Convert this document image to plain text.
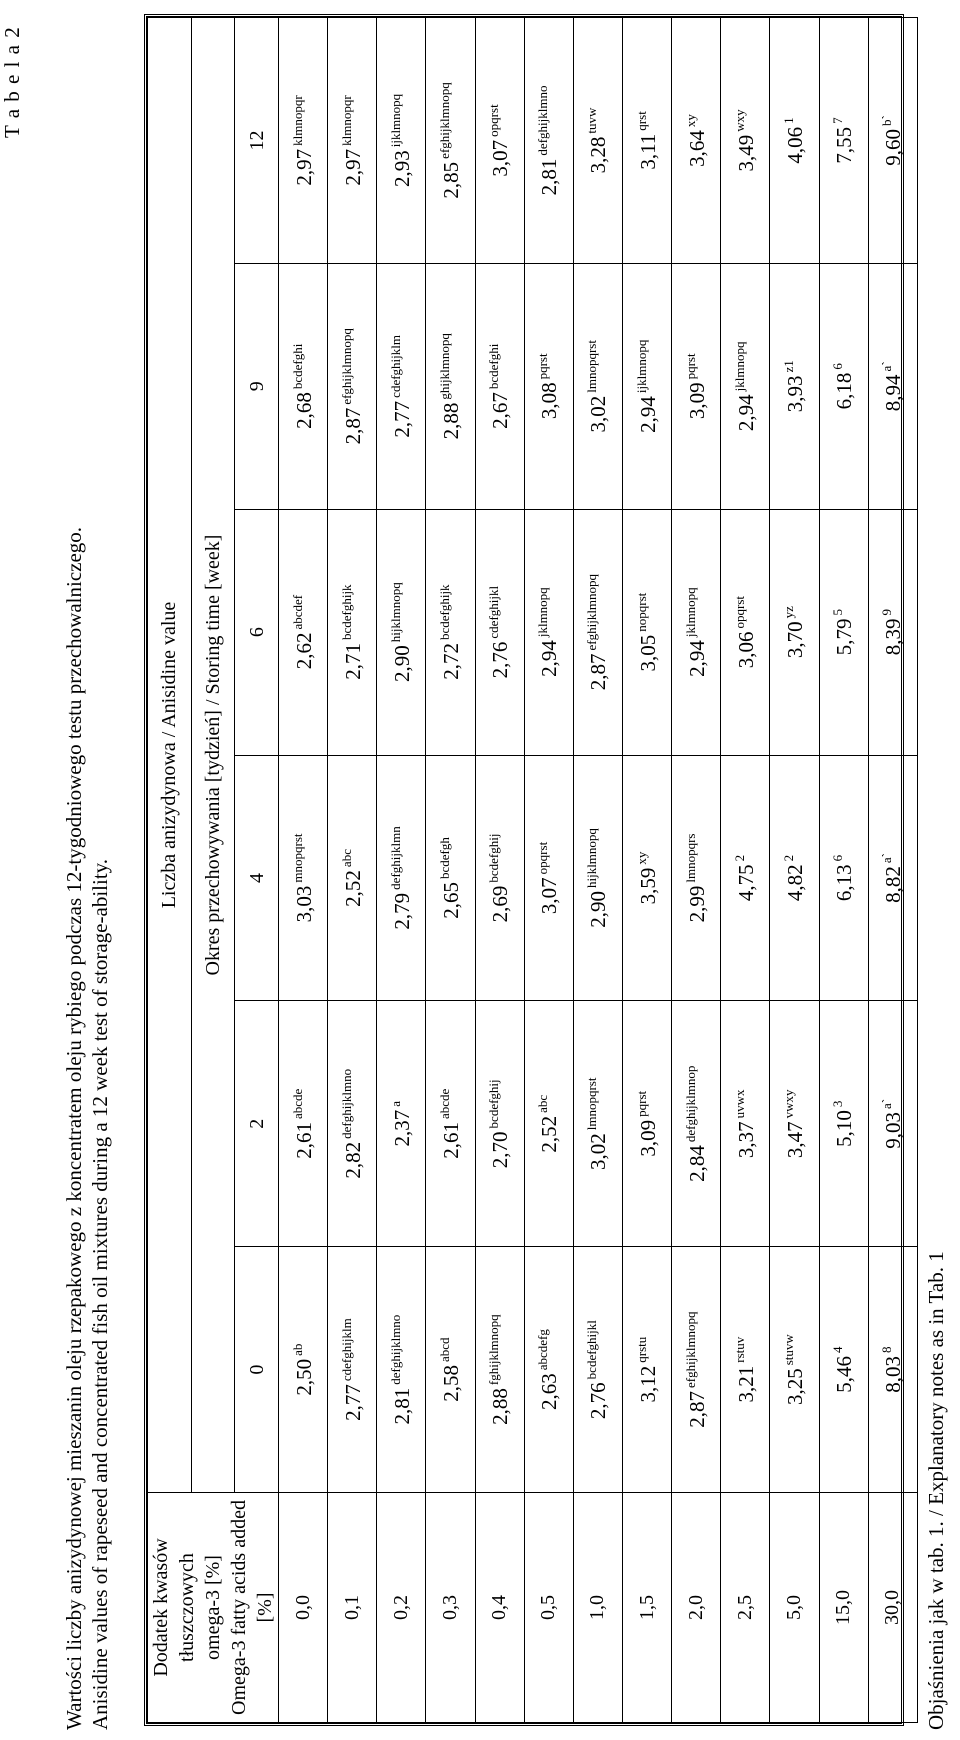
T a b e l a 2
Wartości liczby anizydynowej mieszanin oleju rzepakowego z koncentratem oleju rybiego podczas 12-tygodniowego testu przechowalniczego. Anisidine values of rapeseed and concentrated fish oil mixtures during a 12 week test of storage-ability. Dodatek kwasów tłuszczowych omega-3 [%] Omega-3 fatty acids added [%]	Liczba anizydynowa / Anisidine value					
	Okres przechowywania [tydzień] / Storing time [week]					
	0	2	4	6	9	12
0,0	2,50$^{ab}$	$2,61^{abcde}$	$3,03^{mnopqrst}$	$2,62^{abcdef}$	$2,68^{bcdefghi}$	$2,97^{klmnopqr}$
0,1	$2,77^{cdefghijklm}$	$2,82^{defghijklmno}$	2,52$^{abc}$	$2,71^{bcdefghijk}$	$2,87^{efghijklmnopq}$	$2,97^{klmnopqr}$
0,2	$2,81^{defghijklmno}$	2,37$^a$	$2,79^{defghijklmn}$	$2,90^{hijklmnopq}$	$2,77^{cdefghijklm}$	$2,93^{ijklmnopq}$
0,3	$2,58^{abcd}$	$2,61^{abcde}$	$2,65^{bcdefgh}$	$2,72^{bcdefghijk}$	$2,88^{ghijklmnopq}$	$2,85^{efghijklmnopq}$
0,4	$2,88^{fghijklmnopq}$	$2,70^{bcdefghij}$	$2,69^{bcdefghij}$	$2,76^{cdefghijkl}$	$2,67^{bcdefghi}$	$3,07^{opqrst}$
0,5	$2,63^{abcdefg}$	2,52$^{abc}$	$3,07^{opqrst}$	$2,94^{jklmnopq}$	$3,08^{pqrst}$	$2,81^{defghijklmno}$
1,0	$2,76^{bcdefghijkl}$	$3,02^{lmnopqrst}$	$2,90^{hijklmnopq}$	$2,87^{efghijklmnopq}$	$3,02^{lmnopqrst}$	$3,28^{tuvw}$
1,5	$3,12^{qrstu}$	$3,09^{pqrst}$	$3,59^{xy}$	$3,05^{nopqrst}$	$2,94^{ijklmnopq}$	$3,11^{qrst}$
2,0	$2,87^{efghijklmnopq}$	$2,84^{defghijklmnop}$	$2,99^{lmnopqrs}$	$2,94^{jklmnopq}$	$3,09^{pqrst}$	$3,64^{xy}$
2,5	$3,21^{rstuv}$	$3,37^{uvwx}$	4,75$^2$	$3,06^{opqrst}$	$2,94^{jklmnopq}$	$3,49^{wxy}$
5,0	$3,25^{stuvw}$	$3,47^{vwxy}$	4,82$^2$	$3,70^{yz}$	$3,93^{z1}$	4,06$^1$
15,0	5,46$^4$	5,10$^3$	6,13$^6$	5,79$^5$	6,18$^6$	7,55$^7$
30,0	8,03$^8$	$9,03^{a`}$	$8,82^{a`}$	8,39$^9$	$8,94^{a`}$	$9,60^{b`}$
Objaśnienia jak w tab. 1. / Explanatory notes as in Tab. 1
